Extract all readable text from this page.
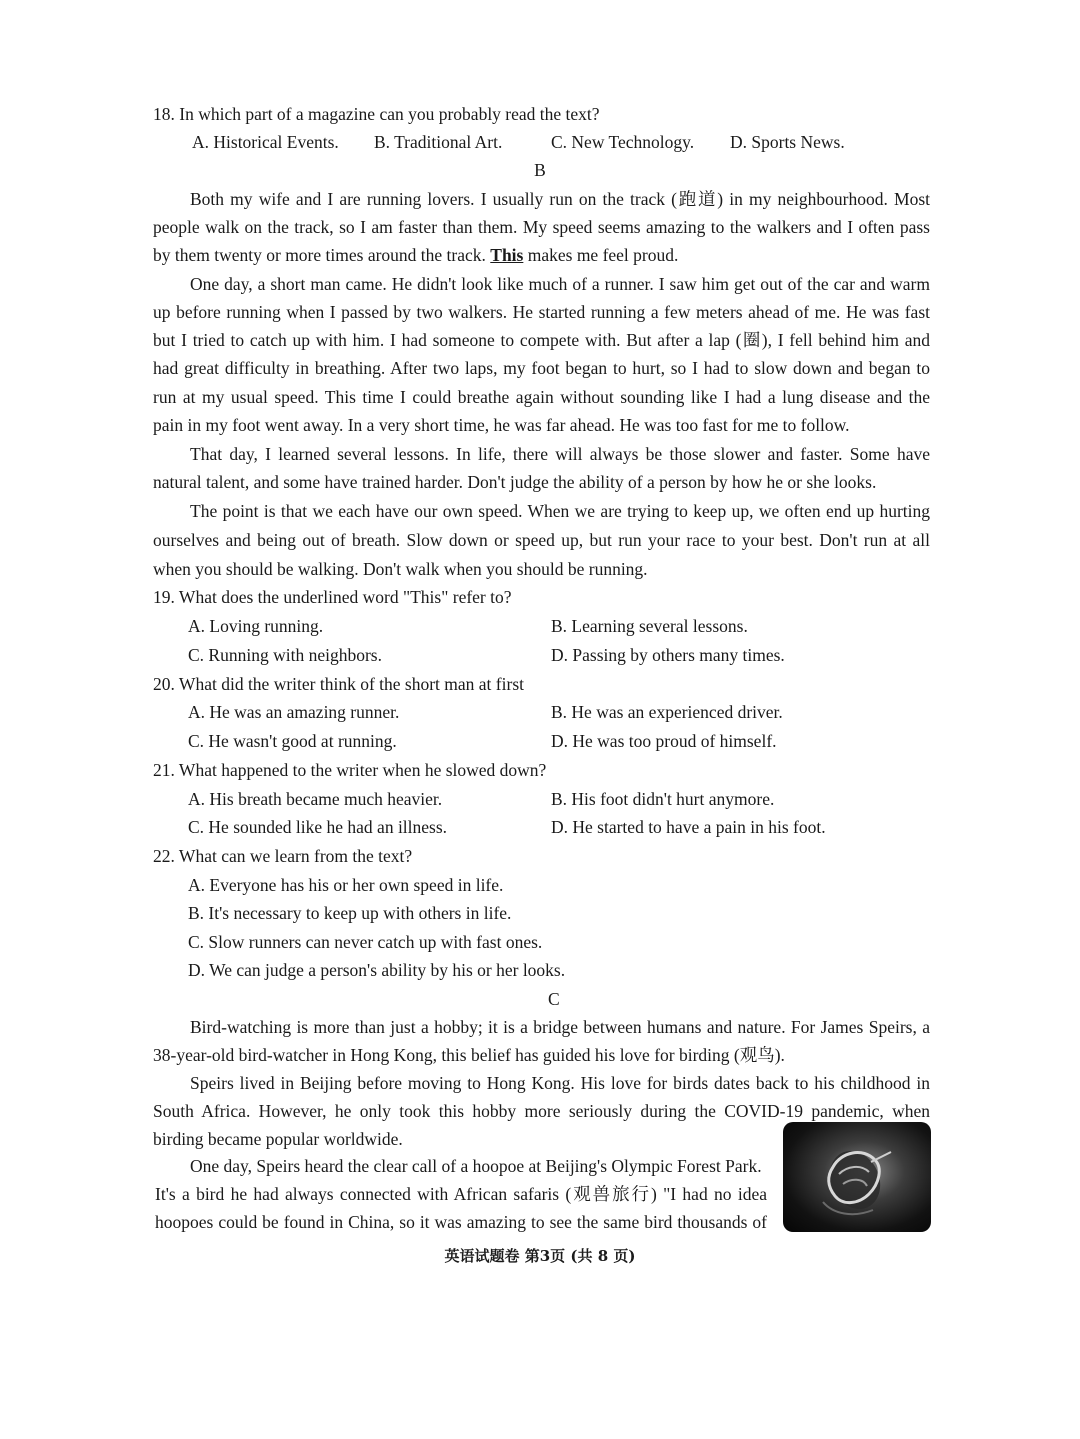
18. In which part of a magazine can you probably read the text?
A. Historical Events. B. Traditional Art.	C. New Technology. D. Sports News.
B
Both my wife and I are running lovers. I usually run on the track (跑道) in my neighbourhood. Most
people walk on the track, so I am faster than them. My speed seems amazing to the walkers and I often pass
by them twenty or more times around the track. This makes me feel proud.
One day, a short man came. He didn't look like much of a runner. I saw him get out of the car and warm
up before running when I passed by two walkers. He started running a few meters ahead of me. He was fast
but I tried to catch up with him. I had someone to compete with. But after a lap (圈), I fell behind him and
had great difficulty in breathing. After two laps, my foot began to hurt, so I had to slow down and began to
run at my usual speed. This time I could breathe again without sounding like I had a lung disease and the
pain in my foot went away. In a very short time, he was far ahead. He was too fast for me to follow.
That day, I learned several lessons. In life, there will always be those slower and faster. Some have
natural talent, and some have trained harder. Don't judge the ability of a person by how he or she looks.
The point is that we each have our own speed. When we are trying to keep up, we often end up hurting
ourselves and being out of breath. Slow down or speed up, but run your race to your best. Don't run at all
when you should be walking. Don't walk when you should be running.
19. What does the underlined word "This" refer to?
A. Loving running.	B. Learning several lessons.
C. Running with neighbors.	D. Passing by others many times.
20. What did the writer think of the short man at first
A. He was an amazing runner.	B. He was an experienced driver.
C. He wasn't good at running.	D. He was too proud of himself.
21. What happened to the writer when he slowed down?
A. His breath became much heavier.	B. His foot didn't hurt anymore.
C. He sounded like he had an illness.	D. He started to have a pain in his foot.
22. What can we learn from the text?
A. Everyone has his or her own speed in life.
B. It's necessary to keep up with others in life.
C. Slow runners can never catch up with fast ones.
D. We can judge a person's ability by his or her looks.
C
Bird-watching is more than just a hobby; it is a bridge between humans and nature. For James Speirs, a
38-year-old bird-watcher in Hong Kong, this belief has guided his love for birding (观鸟).
Speirs lived in Beijing before moving to Hong Kong. His love for birds dates back to his childhood in
South Africa. However, he only took this hobby more seriously during the COVID-19 pandemic, when
birding became popular worldwide.
One day, Speirs heard the clear call of a hoopoe at Beijing's Olympic Forest Park.
It's a bird he had always connected with African safaris (观兽旅行) "I had no idea
hoopoes could be found in China, so it was amazing to see the same bird thousands of
英语试题卷 第3页 (共 8 页)
